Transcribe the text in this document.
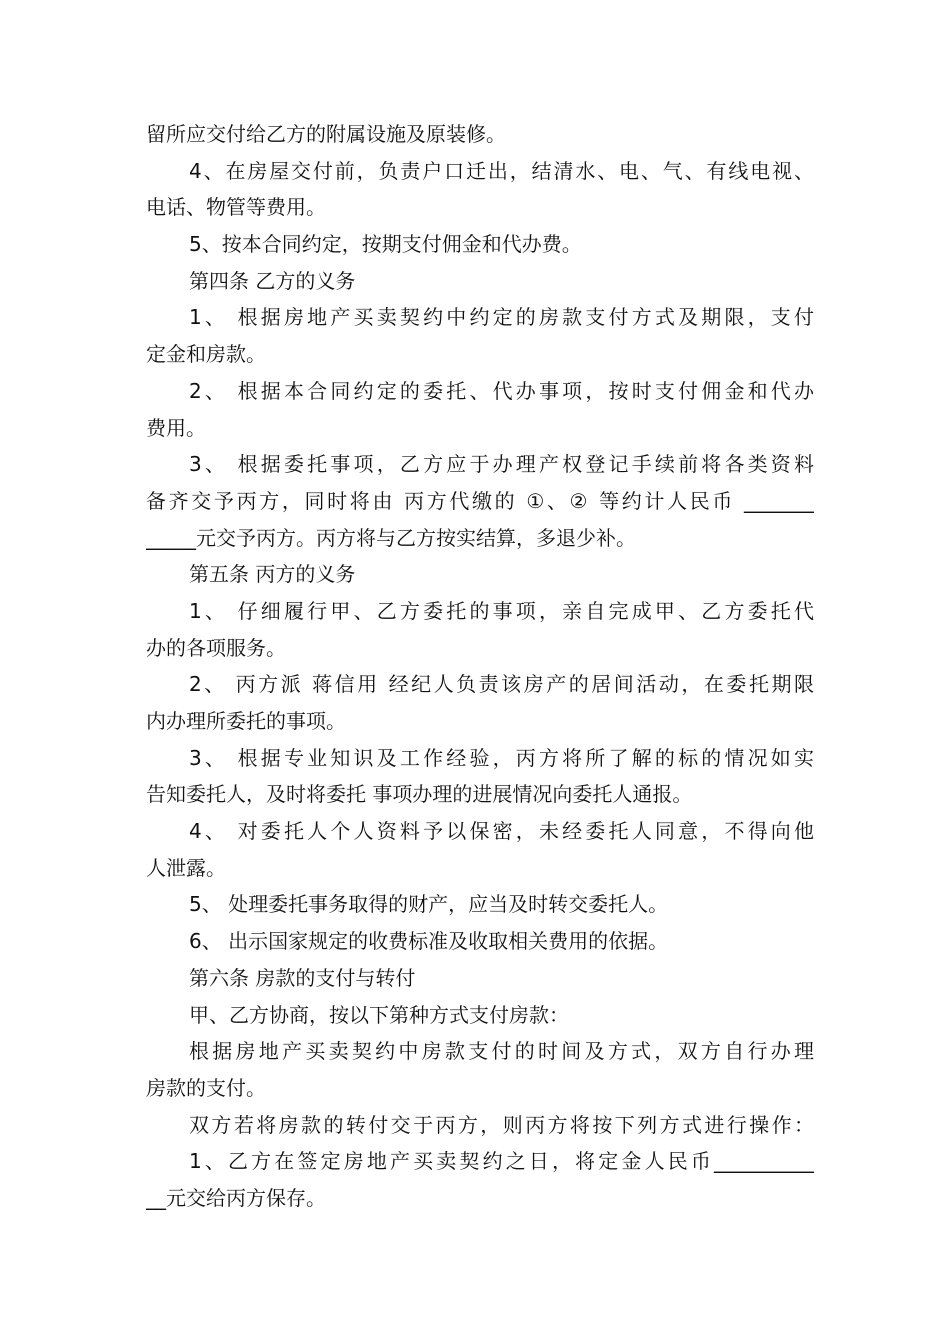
留所应交付给乙方的附属设施及原装修。
4、在房屋交付前，负责户口迁出，结清水、电、气、有线电视、
电话、物管等费用。
5、按本合同约定，按期支付佣金和代办费。
第四条 乙方的义务
1、 根据房地产买卖契约中约定的房款支付方式及期限，支付
定金和房款。
2、 根据本合同约定的委托、代办事项，按时支付佣金和代办
费用。
3、 根据委托事项，乙方应于办理产权登记手续前将各类资料
备齐交予丙方，同时将由 丙方代缴的 ①、② 等约计人民币 _______
_____元交予丙方。丙方将与乙方按实结算，多退少补。
第五条 丙方的义务
1、 仔细履行甲、乙方委托的事项，亲自完成甲、乙方委托代
办的各项服务。
2、 丙方派 蒋信用 经纪人负责该房产的居间活动，在委托期限
内办理所委托的事项。
3、 根据专业知识及工作经验，丙方将所了解的标的情况如实
告知委托人，及时将委托 事项办理的进展情况向委托人通报。
4、 对委托人个人资料予以保密，未经委托人同意，不得向他
人泄露。
5、 处理委托事务取得的财产，应当及时转交委托人。
6、 出示国家规定的收费标准及收取相关费用的依据。
第六条 房款的支付与转付
甲、乙方协商，按以下第种方式支付房款：
根据房地产买卖契约中房款支付的时间及方式，双方自行办理
房款的支付。
双方若将房款的转付交于丙方，则丙方将按下列方式进行操作：
1、乙方在签定房地产买卖契约之日，将定金人民币__________
__元交给丙方保存。
